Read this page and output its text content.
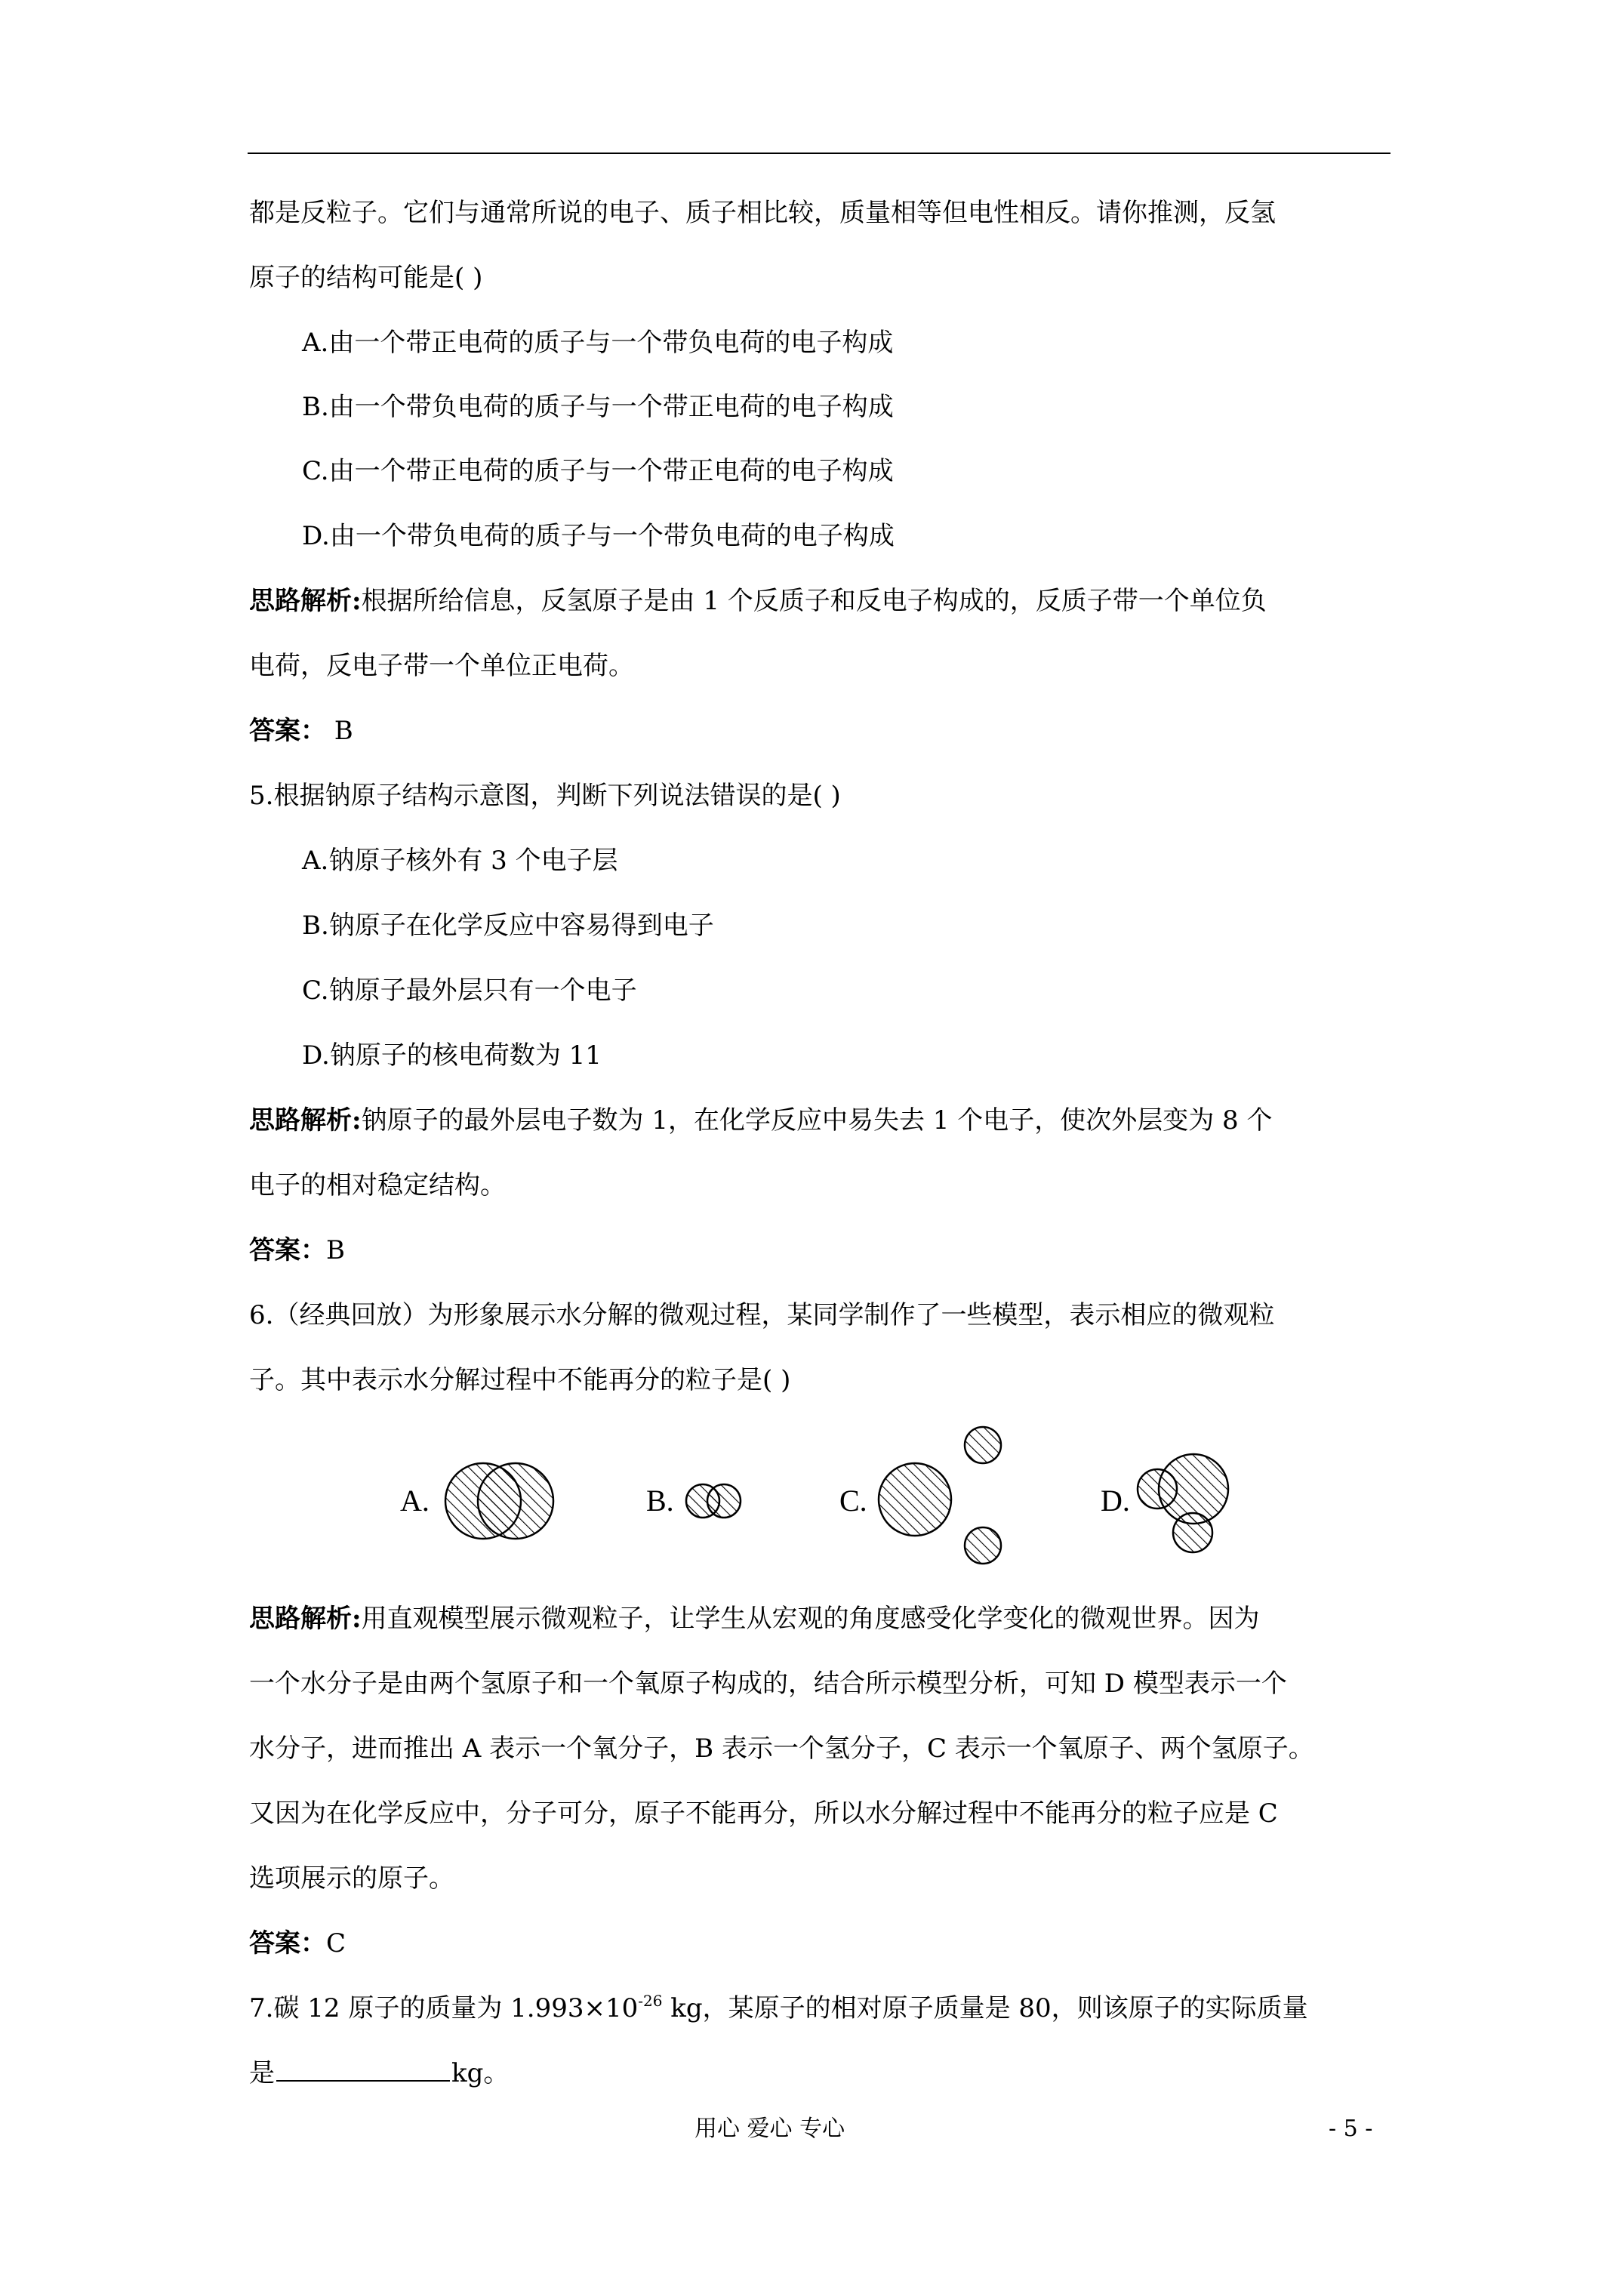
都是反粒子。它们与通常所说的电子、质子相比较，质量相等但电性相反。请你推测，反氢
原子的结构可能是( )
A.由一个带正电荷的质子与一个带负电荷的电子构成
B.由一个带负电荷的质子与一个带正电荷的电子构成
C.由一个带正电荷的质子与一个带正电荷的电子构成
D.由一个带负电荷的质子与一个带负电荷的电子构成
思路解析:根据所给信息，反氢原子是由 1 个反质子和反电子构成的，反质子带一个单位负
电荷，反电子带一个单位正电荷。
答案： B
5.根据钠原子结构示意图，判断下列说法错误的是( )
A.钠原子核外有 3 个电子层
B.钠原子在化学反应中容易得到电子
C.钠原子最外层只有一个电子
D.钠原子的核电荷数为 11
思路解析:钠原子的最外层电子数为 1，在化学反应中易失去 1 个电子，使次外层变为 8 个
电子的相对稳定结构。
答案：B
6.（经典回放）为形象展示水分解的微观过程，某同学制作了一些模型，表示相应的微观粒
子。其中表示水分解过程中不能再分的粒子是( )
A.	B.	C.	D.
思路解析:用直观模型展示微观粒子，让学生从宏观的角度感受化学变化的微观世界。因为
一个水分子是由两个氢原子和一个氧原子构成的，结合所示模型分析，可知 D 模型表示一个
水分子，进而推出 A 表示一个氧分子，B 表示一个氢分子，C 表示一个氧原子、两个氢原子。
又因为在化学反应中，分子可分，原子不能再分，所以水分解过程中不能再分的粒子应是 C
选项展示的原子。
答案：C
7.碳 12 原子的质量为 $1.993\times 10^{-26}$ kg，某原子的相对原子质量是 80，则该原子的实际质量
是	kg。
用心 爱心 专心	- 5 -
